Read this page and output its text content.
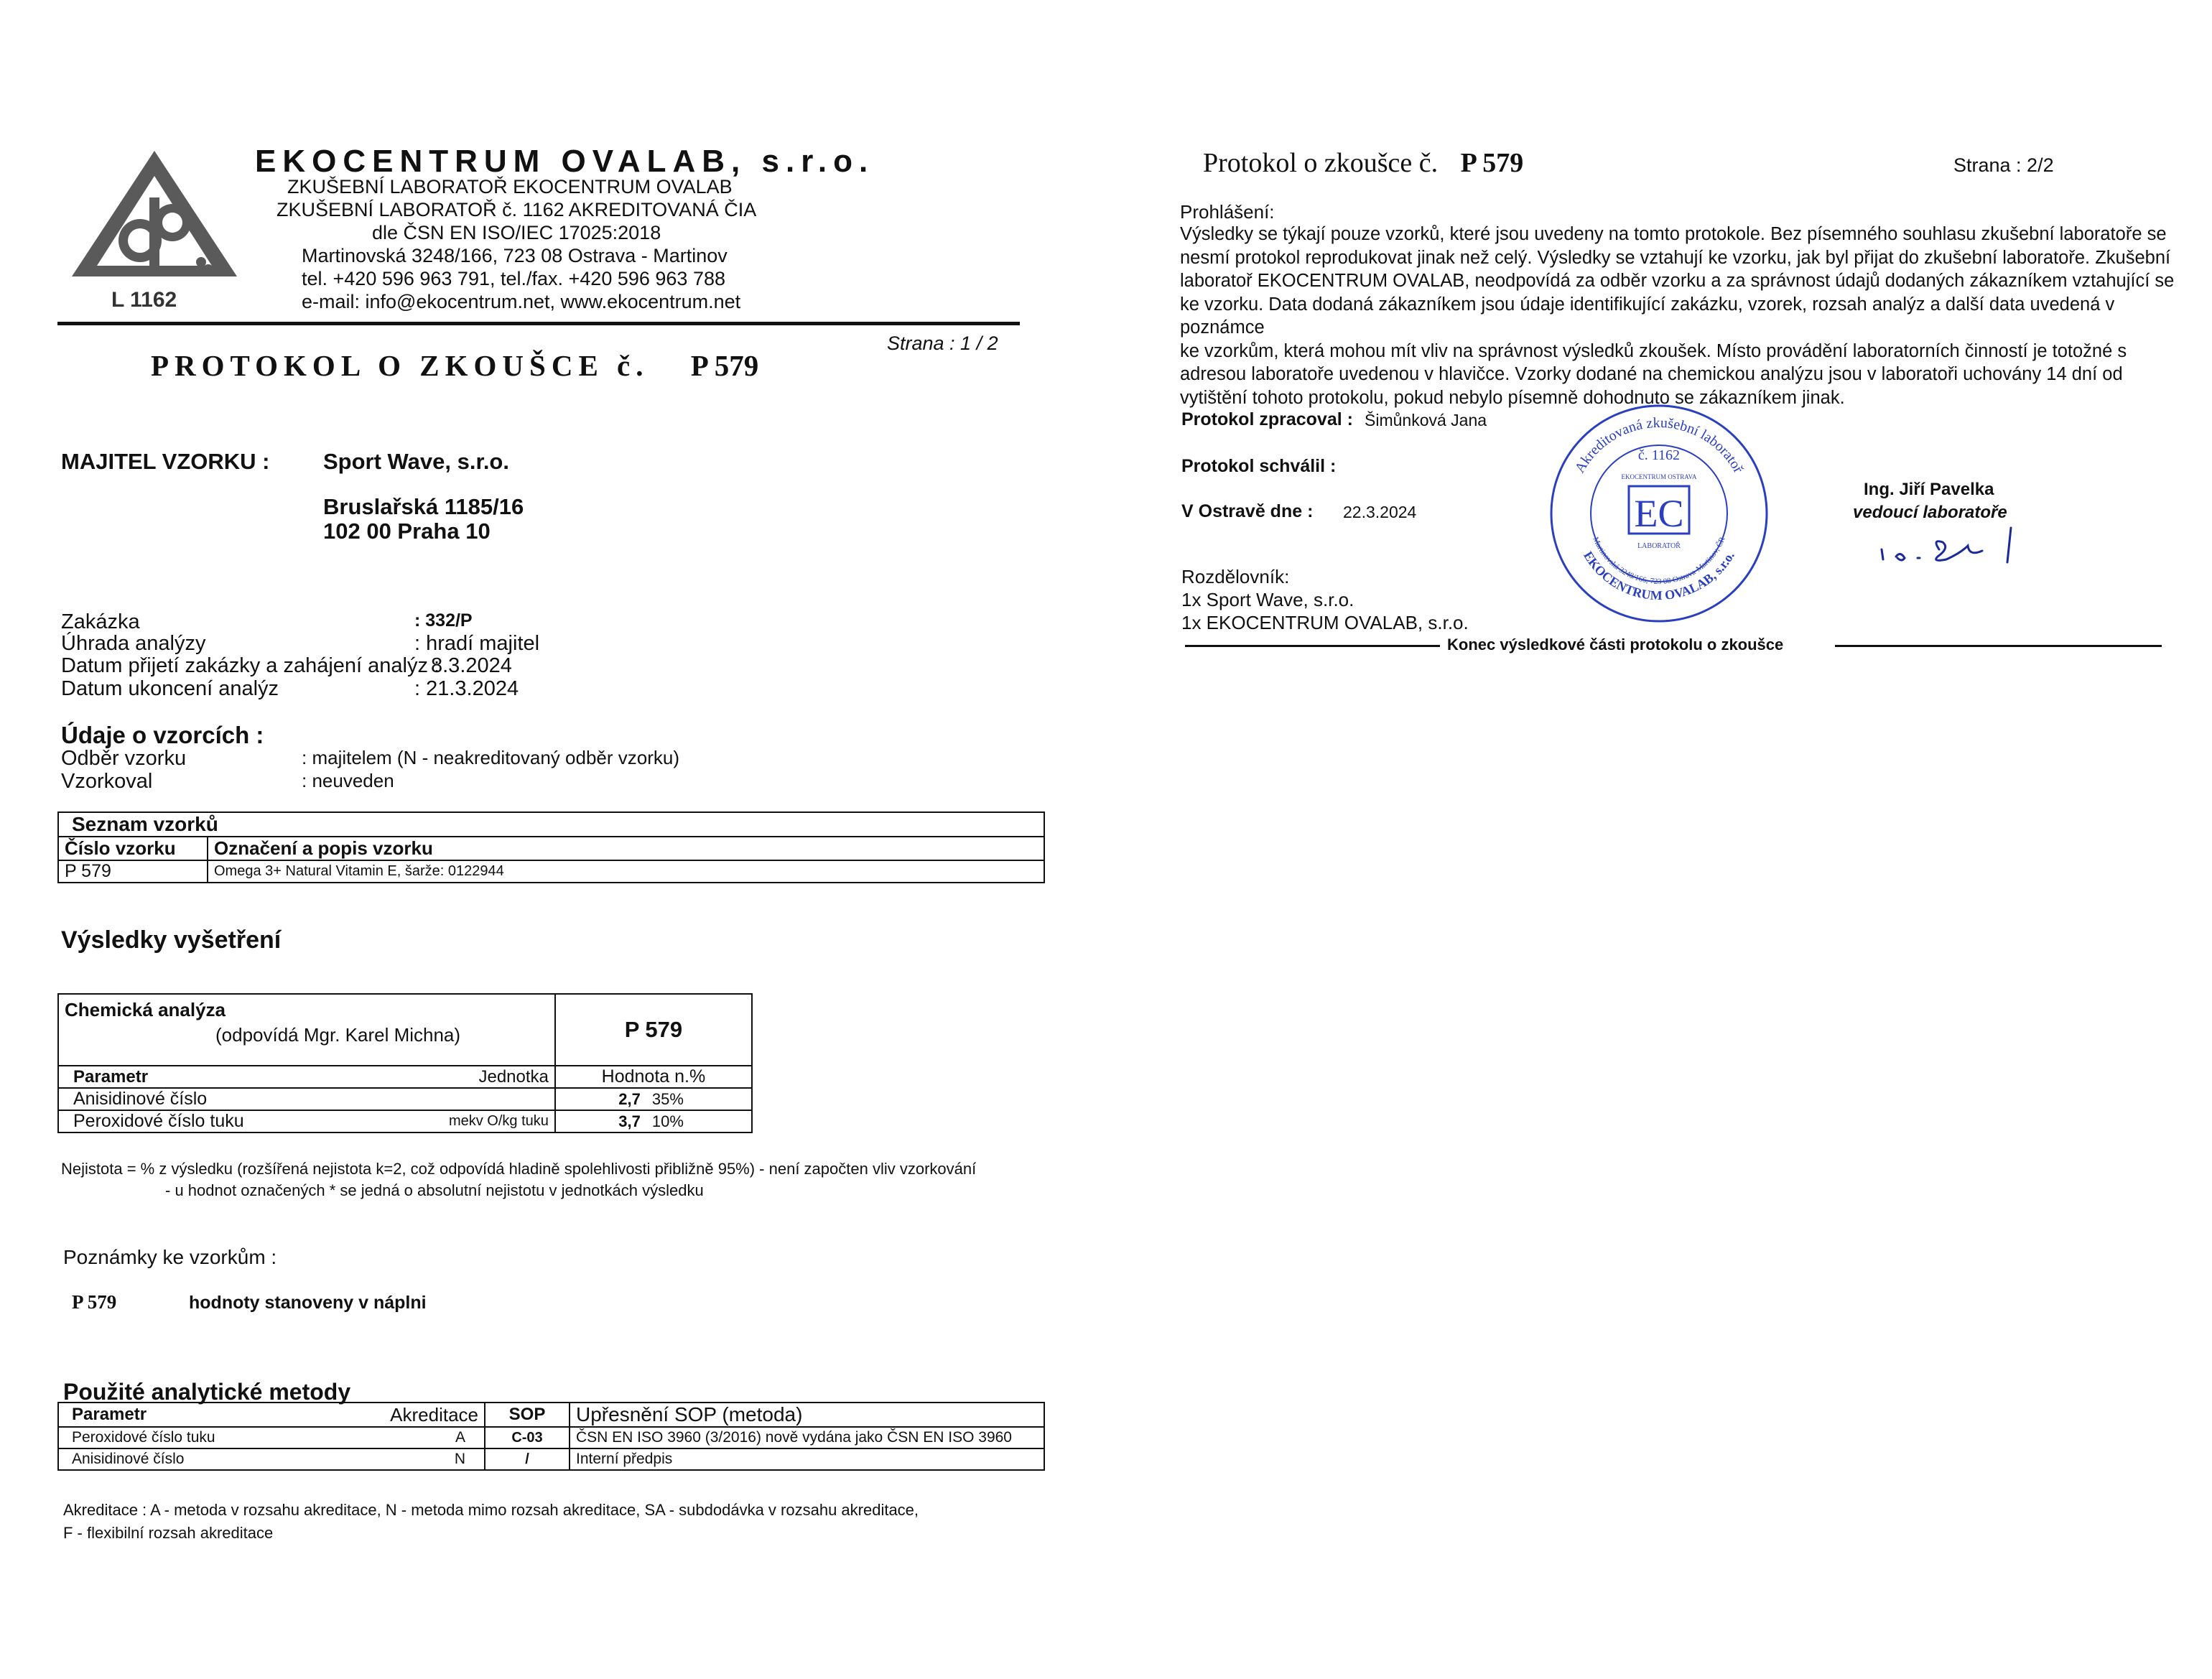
L 1162
EKOCENTRUM OVALAB, s.r.o.
ZKUŠEBNÍ LABORATOŘ EKOCENTRUM OVALAB
ZKUŠEBNÍ LABORATOŘ č. 1162 AKREDITOVANÁ ČIA
dle ČSN EN ISO/IEC 17025:2018
Martinovská 3248/166, 723 08 Ostrava - Martinov
tel. +420 596 963 791, tel./fax. +420 596 963 788
e-mail: info@ekocentrum.net, www.ekocentrum.net
PROTOKOL O ZKOUŠCE č. P 579
Strana : 1 / 2
MAJITEL VZORKU : Sport Wave, s.r.o.
Bruslařská 1185/16
102 00 Praha 10
Zakázka	: 332/P
Úhrada analýzy	: hradí majitel
Datum přijetí zakázky a zahájení analýz :
8.3.2024
Datum ukoncení analýz	: 21.3.2024
Údaje o vzorcích :
Odběr vzorku	: majitelem (N - neakreditovaný odběr vzorku)
Vzorkoval	: neuveden
Seznam vzorků	
Číslo vzorku	Označení a popis vzorku
P 579	Omega 3+ Natural Vitamin E, šarže: 0122944
Výsledky vyšetření
Chemická analýza
(odpovídá Mgr. Karel Michna)		P 579	
Parametr	Jednotka	Hodnota n.%	
Anisidinové číslo		2,7	35%
Peroxidové číslo tuku	mekv O/kg tuku	3,7	10%
Nejistota = % z výsledku (rozšířená nejistota k=2, což odpovídá hladině spolehlivosti přibližně 95%) - není započten vliv vzorkování
- u hodnot označených * se jedná o absolutní nejistotu v jednotkách výsledku
Poznámky ke vzorkům :
P 579	hodnoty stanoveny v náplni
Použité analytické metody
Parametr	Akreditace	SOP	Upřesnění SOP (metoda)
Peroxidové číslo tuku	A	C-03	ČSN EN ISO 3960 (3/2016) nově vydána jako ČSN EN ISO 3960
Anisidinové číslo	N	/	Interní předpis
Akreditace : A - metoda v rozsahu akreditace, N - metoda mimo rozsah akreditace, SA - subdodávka v rozsahu akreditace,
F - flexibilní rozsah akreditace
Protokol o zkoušce č. P 579	Strana : 2/2
Prohlášení:
Výsledky se týkají pouze vzorků, které jsou uvedeny na tomto protokole. Bez písemného souhlasu zkušební laboratoře se
nesmí protokol reprodukovat jinak než celý. Výsledky se vztahují ke vzorku, jak byl přijat do zkušební laboratoře. Zkušební
laboratoř EKOCENTRUM OVALAB, neodpovídá za odběr vzorku a za správnost údajů dodaných zákazníkem vztahující se
ke vzorku. Data dodaná zákazníkem jsou údaje identifikující zakázku, vzorek, rozsah analýz a další data uvedená v poznámce
ke vzorkům, která mohou mít vliv na správnost výsledků zkoušek. Místo provádění laboratorních činností je totožné s
adresou laboratoře uvedenou v hlavičce. Vzorky dodané na chemickou analýzu jsou v laboratoři uchovány 14 dní od
vytištění tohoto protokolu, pokud nebylo písemně dohodnuto se zákazníkem jinak.
Protokol zpracoval : Šimůnková Jana
Protokol schválil :
V Ostravě dne : 22.3.2024
Akreditovaná zkušební laboratoř
EKOCENTRUM OVALAB, s.r.o.
Martinovská 3248/166, 723 08 Ostrava-Martinov, ČR
č. 1162
EKOCENTRUM OSTRAVA
EC
LABORATOŘ
Ing. Jiří Pavelka
vedoucí laboratoře
Rozdělovník:
1x Sport Wave, s.r.o.
1x EKOCENTRUM OVALAB, s.r.o.
Konec výsledkové části protokolu o zkoušce
